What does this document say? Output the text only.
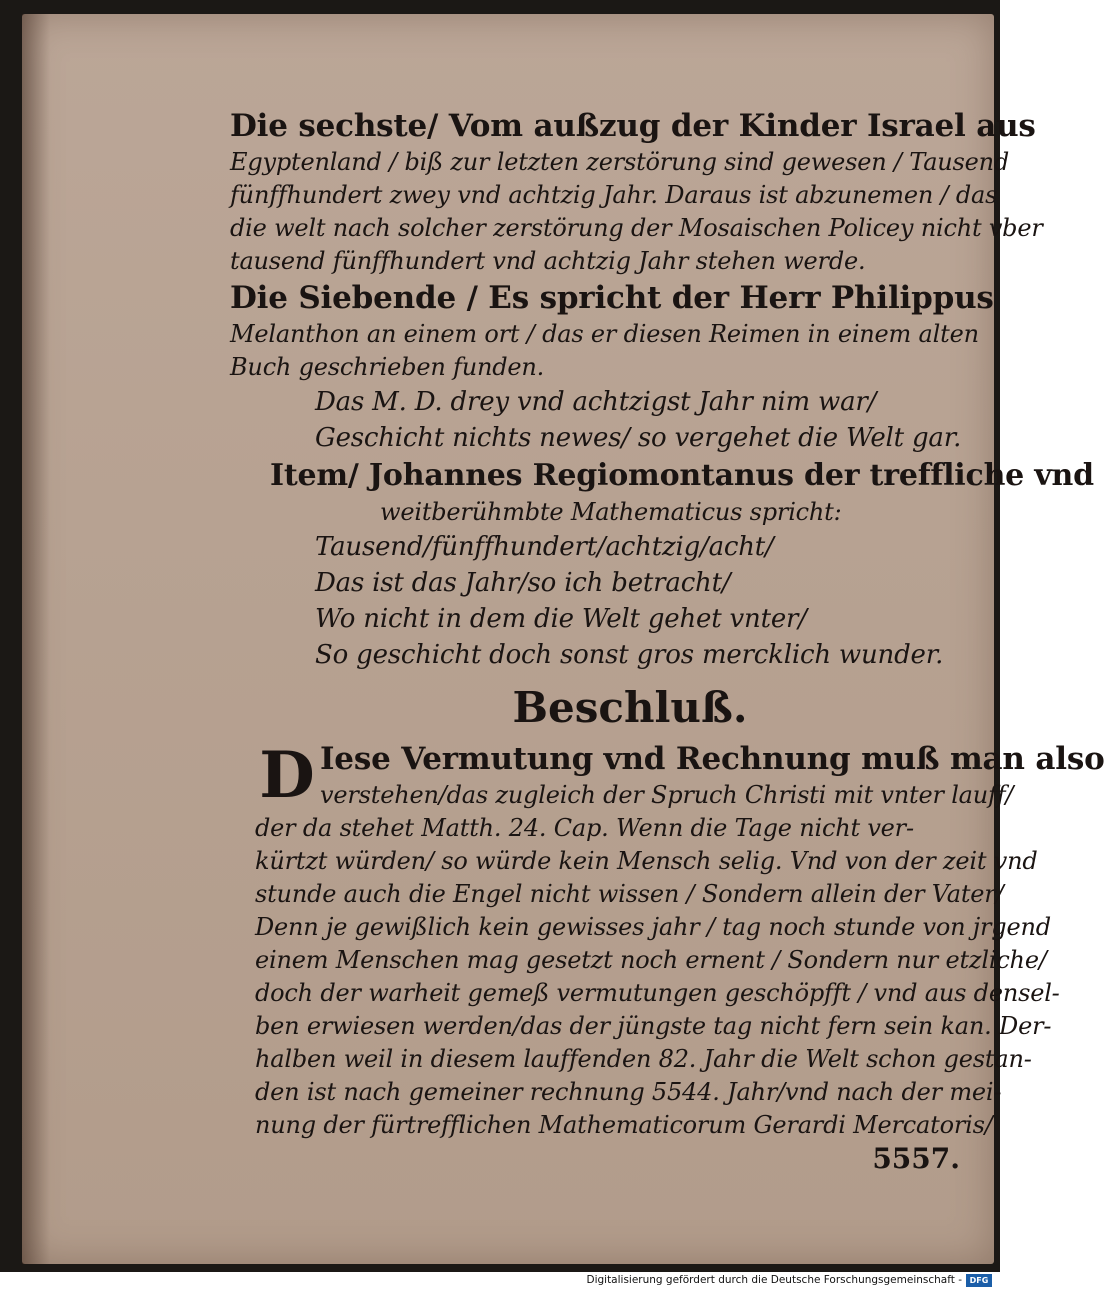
Die sechste/ Vom außzug der Kinder Israel aus
Egyptenland / biß zur letzten zerstörung sind gewesen / Tausend
fünffhundert zwey vnd achtzig Jahr. Daraus ist abzunemen / das
die welt nach solcher zerstörung der Mosaischen Policey nicht vber
tausend fünffhundert vnd achtzig Jahr stehen werde.
Die Siebende / Es spricht der Herr Philippus
Melanthon an einem ort / das er diesen Reimen in einem alten
Buch geschrieben funden.
Das M. D. drey vnd achtzigst Jahr nim war/
Geschicht nichts newes/ so vergehet die Welt gar.
Item/ Johannes Regiomontanus der treffliche vnd
weitberühmbte Mathematicus spricht:
Tausend/fünffhundert/achtzig/acht/
Das ist das Jahr/so ich betracht/
Wo nicht in dem die Welt gehet vnter/
So geschicht doch sonst gros mercklich wunder.
Beschluß.
D Iese Vermutung vnd Rechnung muß man also
verstehen/das zugleich der Spruch Christi mit vnter lauff/
der da stehet Matth. 24. Cap. Wenn die Tage nicht ver-
kürtzt würden/ so würde kein Mensch selig. Vnd von der zeit vnd
stunde auch die Engel nicht wissen / Sondern allein der Vater/
Denn je gewißlich kein gewisses jahr / tag noch stunde von jrgend
einem Menschen mag gesetzt noch ernent / Sondern nur etzliche/
doch der warheit gemeß vermutungen geschöpfft / vnd aus densel-
ben erwiesen werden/das der jüngste tag nicht fern sein kan. Der-
halben weil in diesem lauffenden 82. Jahr die Welt schon gestan-
den ist nach gemeiner rechnung 5544. Jahr/vnd nach der mei-
nung der fürtrefflichen Mathematicorum Gerardi Mercatoris/
5557.
Digitalisierung gefördert durch die Deutsche Forschungsgemeinschaft - DFG
